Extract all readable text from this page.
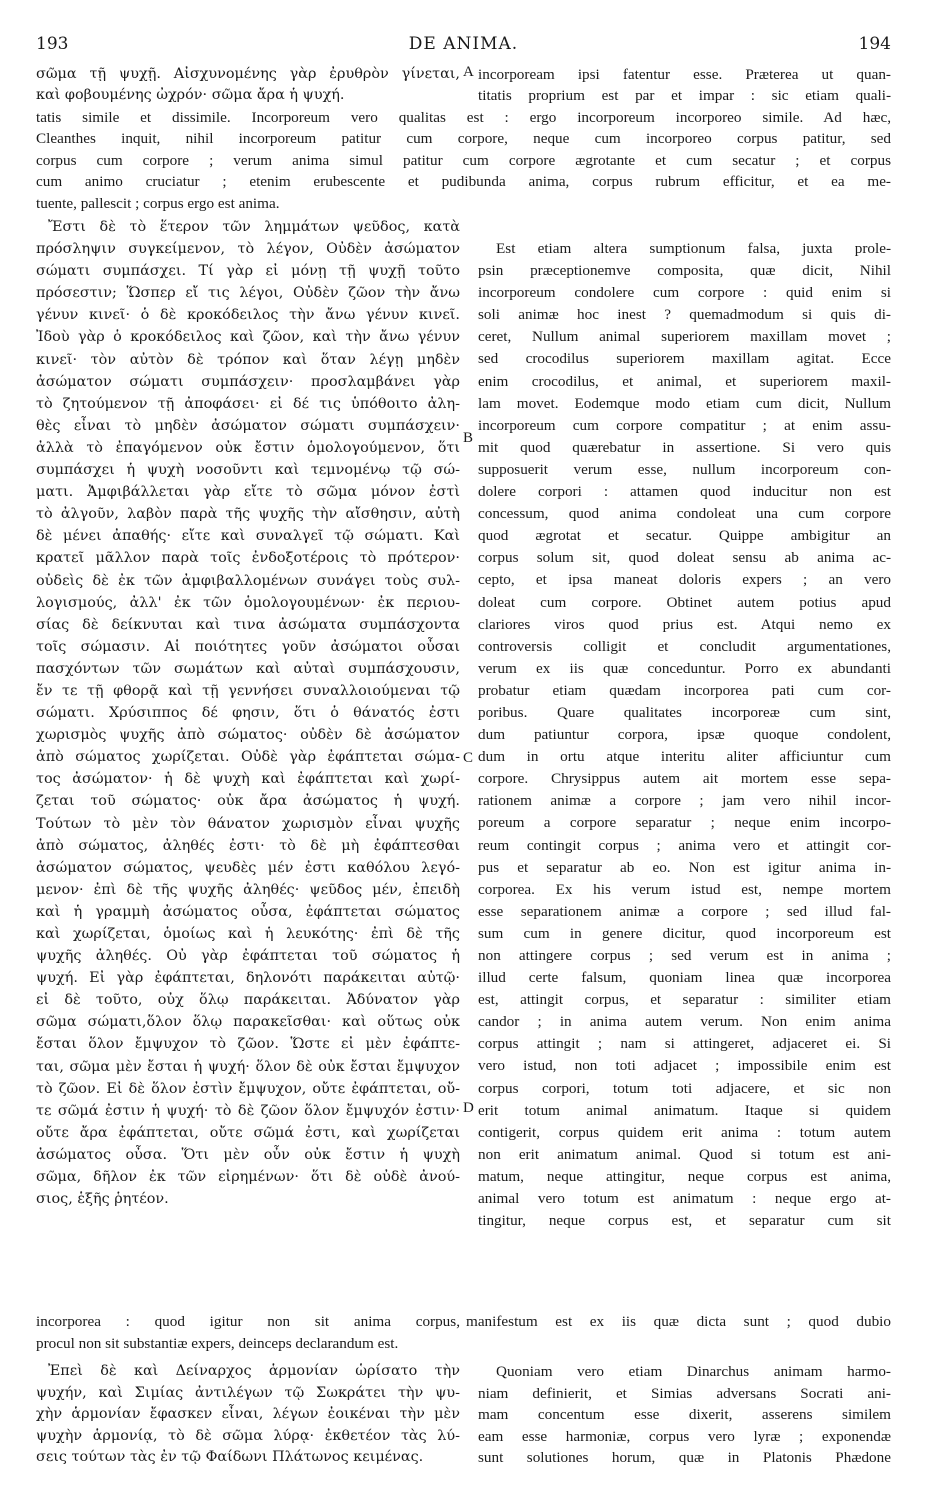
193	DE ANIMA.	194
σῶμα τῇ ψυχῇ. Αἰσχυνομένης γὰρ ἐρυθρὸν γίνεται,
καὶ φοβουμένης ὠχρόν· σῶμα ἄρα ἡ ψυχή.
A incorpoream ipsi fatentur esse. Præterea ut quan-
titatis proprium est par et impar : sic etiam quali-
tatis simile et dissimile. Incorporeum vero qualitas est : ergo incorporeum incorporeo simile. Ad hæc,
Cleanthes inquit, nihil incorporeum patitur cum corpore, neque cum incorporeo corpus patitur, sed
corpus cum corpore ; verum anima simul patitur cum corpore ægrotante et cum secatur ; et corpus
cum animo cruciatur ; etenim erubescente et pudibunda anima, corpus rubrum efficitur, et ea me-
tuente, pallescit ; corpus ergo est anima.
Ἔστι δὲ τὸ ἕτερον τῶν λημμάτων ψεῦδος, κατὰ
πρόσληψιν συγκείμενον, τὸ λέγον, Οὐδὲν ἀσώματον
σώματι συμπάσχει. Τί γὰρ εἰ μόνῃ τῇ ψυχῇ τοῦτο
πρόσεστιν; Ὥσπερ εἴ τις λέγοι, Οὐδὲν ζῶον τὴν ἄνω
γένυν κινεῖ· ὁ δὲ κροκόδειλος τὴν ἄνω γένυν κινεῖ.
Ἰδοὺ γὰρ ὁ κροκόδειλος καὶ ζῶον, καὶ τὴν ἄνω γένυν
κινεῖ· τὸν αὐτὸν δὲ τρόπον καὶ ὅταν λέγῃ μηδὲν
ἀσώματον σώματι συμπάσχειν· προσλαμβάνει γὰρ
τὸ ζητούμενον τῇ ἀποφάσει· εἰ δέ τις ὑπόθοιτο ἀλη-
θὲς εἶναι τὸ μηδὲν ἀσώματον σώματι συμπάσχειν·
ἀλλὰ τὸ ἐπαγόμενον οὐκ ἔστιν ὁμολογούμενον, ὅτι
συμπάσχει ἡ ψυχὴ νοσοῦντι καὶ τεμνομένῳ τῷ σώ-
ματι. Ἀμφιβάλλεται γὰρ εἴτε τὸ σῶμα μόνον ἐστὶ
τὸ ἀλγοῦν, λαβὸν παρὰ τῆς ψυχῆς τὴν αἴσθησιν, αὐτὴ
δὲ μένει ἀπαθής· εἴτε καὶ συναλγεῖ τῷ σώματι. Καὶ
κρατεῖ μᾶλλον παρὰ τοῖς ἐνδοξοτέροις τὸ πρότερον·
οὐδεὶς δὲ ἐκ τῶν ἀμφιβαλλομένων συνάγει τοὺς συλ-
λογισμούς, ἀλλ' ἐκ τῶν ὁμολογουμένων· ἐκ περιου-
σίας δὲ δείκνυται καὶ τινα ἀσώματα συμπάσχοντα
τοῖς σώμασιν. Αἱ ποιότητες γοῦν ἀσώματοι οὖσαι
πασχόντων τῶν σωμάτων καὶ αὐταὶ συμπάσχουσιν,
ἔν τε τῇ φθορᾷ καὶ τῇ γεννήσει συναλλοιούμεναι τῷ
σώματι. Χρύσιππος δέ φησιν, ὅτι ὁ θάνατός ἐστι
χωρισμὸς ψυχῆς ἀπὸ σώματος· οὐδὲν δὲ ἀσώματον
ἀπὸ σώματος χωρίζεται. Οὐδὲ γὰρ ἐφάπτεται σώμα-
τος ἀσώματον· ἡ δὲ ψυχὴ καὶ ἐφάπτεται καὶ χωρί-
ζεται τοῦ σώματος· οὐκ ἄρα ἀσώματος ἡ ψυχή.
Τούτων τὸ μὲν τὸν θάνατον χωρισμὸν εἶναι ψυχῆς
ἀπὸ σώματος, ἀληθές ἐστι· τὸ δὲ μὴ ἐφάπτεσθαι
ἀσώματον σώματος, ψευδὲς μέν ἐστι καθόλου λεγό-
μενον· ἐπὶ δὲ τῆς ψυχῆς ἀληθές· ψεῦδος μέν, ἐπειδὴ
καὶ ἡ γραμμὴ ἀσώματος οὖσα, ἐφάπτεται σώματος
καὶ χωρίζεται, ὁμοίως καὶ ἡ λευκότης· ἐπὶ δὲ τῆς
ψυχῆς ἀληθές. Οὐ γὰρ ἐφάπτεται τοῦ σώματος ἡ
ψυχή. Εἰ γὰρ ἐφάπτεται, δηλονότι παράκειται αὐτῷ·
εἰ δὲ τοῦτο, οὐχ ὅλῳ παράκειται. Ἀδύνατον γὰρ
σῶμα σώματι,ὅλον ὅλῳ παρακεῖσθαι· καὶ οὕτως οὐκ
ἔσται ὅλον ἔμψυχον τὸ ζῶον. Ὥστε εἰ μὲν ἐφάπτε-
ται, σῶμα μὲν ἔσται ἡ ψυχή· ὅλον δὲ οὐκ ἔσται ἔμψυχον
τὸ ζῶον. Εἰ δὲ ὅλον ἐστὶν ἔμψυχον, οὔτε ἐφάπτεται, οὔ-
τε σῶμά ἐστιν ἡ ψυχή· τὸ δὲ ζῶον ὅλον ἔμψυχόν ἐστιν·
οὔτε ἄρα ἐφάπτεται, οὔτε σῶμά ἐστι, καὶ χωρίζεται
ἀσώματος οὖσα. Ὅτι μὲν οὖν οὐκ ἔστιν ἡ ψυχὴ
σῶμα, δῆλον ἐκ τῶν εἰρημένων· ὅτι δὲ οὐδὲ ἀνού-
σιος, ἑξῆς ῥητέον.
B
C
D
Est etiam altera sumptionum falsa, juxta prole-
psin præceptionemve composita, quæ dicit, Nihil
incorporeum condolere cum corpore : quid enim si
soli animæ hoc inest ? quemadmodum si quis di-
ceret, Nullum animal superiorem maxillam movet ;
sed crocodilus superiorem maxillam agitat. Ecce
enim crocodilus, et animal, et superiorem maxil-
lam movet. Eodemque modo etiam cum dicit, Nullum
incorporeum cum corpore compatitur ; at enim assu-
mit quod quærebatur in assertione. Si vero quis
supposuerit verum esse, nullum incorporeum con-
dolere corpori : attamen quod inducitur non est
concessum, quod anima condoleat una cum corpore
quod ægrotat et secatur. Quippe ambigitur an
corpus solum sit, quod doleat sensu ab anima ac-
cepto, et ipsa maneat doloris expers ; an vero
doleat cum corpore. Obtinet autem potius apud
clariores viros quod prius est. Atqui nemo ex
controversis colligit et concludit argumentationes,
verum ex iis quæ conceduntur. Porro ex abundanti
probatur etiam quædam incorporea pati cum cor-
poribus. Quare qualitates incorporeæ cum sint,
dum patiuntur corpora, ipsæ quoque condolent,
dum in ortu atque interitu aliter afficiuntur cum
corpore. Chrysippus autem ait mortem esse sepa-
rationem animæ a corpore ; jam vero nihil incor-
poreum a corpore separatur ; neque enim incorpo-
reum contingit corpus ; anima vero et attingit cor-
pus et separatur ab eo. Non est igitur anima in-
corporea. Ex his verum istud est, nempe mortem
esse separationem animæ a corpore ; sed illud fal-
sum cum in genere dicitur, quod incorporeum est
non attingere corpus ; sed verum est in anima ;
illud certe falsum, quoniam linea quæ incorporea
est, attingit corpus, et separatur : similiter etiam
candor ; in anima autem verum. Non enim anima
corpus attingit ; nam si attingeret, adjaceret ei. Si
vero istud, non toti adjacet ; impossibile enim est
corpus corpori, totum toti adjacere, et sic non
erit totum animal animatum. Itaque si quidem
contigerit, corpus quidem erit anima : totum autem
non erit animatum animal. Quod si totum est ani-
matum, neque attingitur, neque corpus est anima,
animal vero totum est animatum : neque ergo at-
tingitur, neque corpus est, et separatur cum sit
incorporea : quod igitur non sit anima corpus, manifestum est ex iis quæ dicta sunt ; quod dubio
procul non sit substantiæ expers, deinceps declarandum est.
Ἐπεὶ δὲ καὶ Δείναρχος ἁρμονίαν ὡρίσατο τὴν
ψυχήν, καὶ Σιμίας ἀντιλέγων τῷ Σωκράτει τὴν ψυ-
χὴν ἁρμονίαν ἔφασκεν εἶναι, λέγων ἐοικέναι τὴν μὲν
ψυχὴν ἁρμονίᾳ, τὸ δὲ σῶμα λύρᾳ· ἐκθετέον τὰς λύ-
σεις τούτων τὰς ἐν τῷ Φαίδωνι Πλάτωνος κειμένας.
Quoniam vero etiam Dinarchus animam harmo-
niam definierit, et Simias adversans Socrati ani-
mam concentum esse dixerit, asserens similem
eam esse harmoniæ, corpus vero lyræ ; exponendæ
sunt solutiones horum, quæ in Platonis Phædone
